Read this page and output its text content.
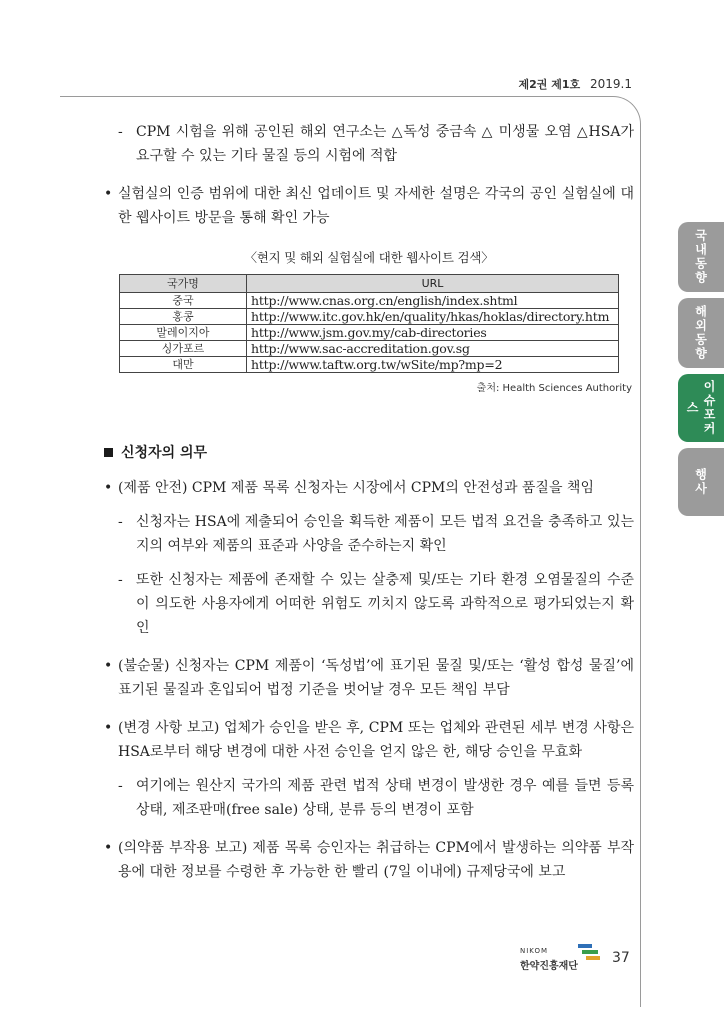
제2권 제1호 2019.1

- CPM 시험을 위해 공인된 해외 연구소는 △독성 중금속 △ 미생물 오염 △HSA가 요구할 수 있는 기타 물질 등의 시험에 적합

• 실험실의 인증 범위에 대한 최신 업데이트 및 자세한 설명은 각국의 공인 실험실에 대한 웹사이트 방문을 통해 확인 가능

〈현지 및 해외 실험실에 대한 웹사이트 검색〉
국가명	URL
중국	http://www.cnas.org.cn/english/index.shtml
홍콩	http://www.itc.gov.hk/en/quality/hkas/hoklas/directory.htm
말레이지아	http://www.jsm.gov.my/cab-directories
싱가포르	http://www.sac-accreditation.gov.sg
대만	http://www.taftw.org.tw/wSite/mp?mp=2
출처: Health Sciences Authority
신청자의 의무

• (제품 안전) CPM 제품 목록 신청자는 시장에서 CPM의 안전성과 품질을 책임

- 신청자는 HSA에 제출되어 승인을 획득한 제품이 모든 법적 요건을 충족하고 있는지의 여부와 제품의 표준과 사양을 준수하는지 확인

- 또한 신청자는 제품에 존재할 수 있는 살충제 및/또는 기타 환경 오염물질의 수준이 의도한 사용자에게 어떠한 위험도 끼치지 않도록 과학적으로 평가되었는지 확인

• (불순물) 신청자는 CPM 제품이 ‘독성법’에 표기된 물질 및/또는 ‘활성 합성 물질’에 표기된 물질과 혼입되어 법정 기준을 벗어날 경우 모든 책임 부담

• (변경 사항 보고) 업체가 승인을 받은 후, CPM 또는 업체와 관련된 세부 변경 사항은 HSA로부터 해당 변경에 대한 사전 승인을 얻지 않은 한, 해당 승인을 무효화

- 여기에는 원산지 국가의 제품 관련 법적 상태 변경이 발생한 경우 예를 들면 등록 상태, 제조판매(free sale) 상태, 분류 등의 변경이 포함

• (의약품 부작용 보고) 제품 목록 승인자는 취급하는 CPM에서 발생하는 의약품 부작용에 대한 정보를 수령한 후 가능한 한 빨리 (7일 이내에) 규제당국에 보고

국내동향
해외동향
이슈포커스
행사
NIKOM
한약진흥재단
37
